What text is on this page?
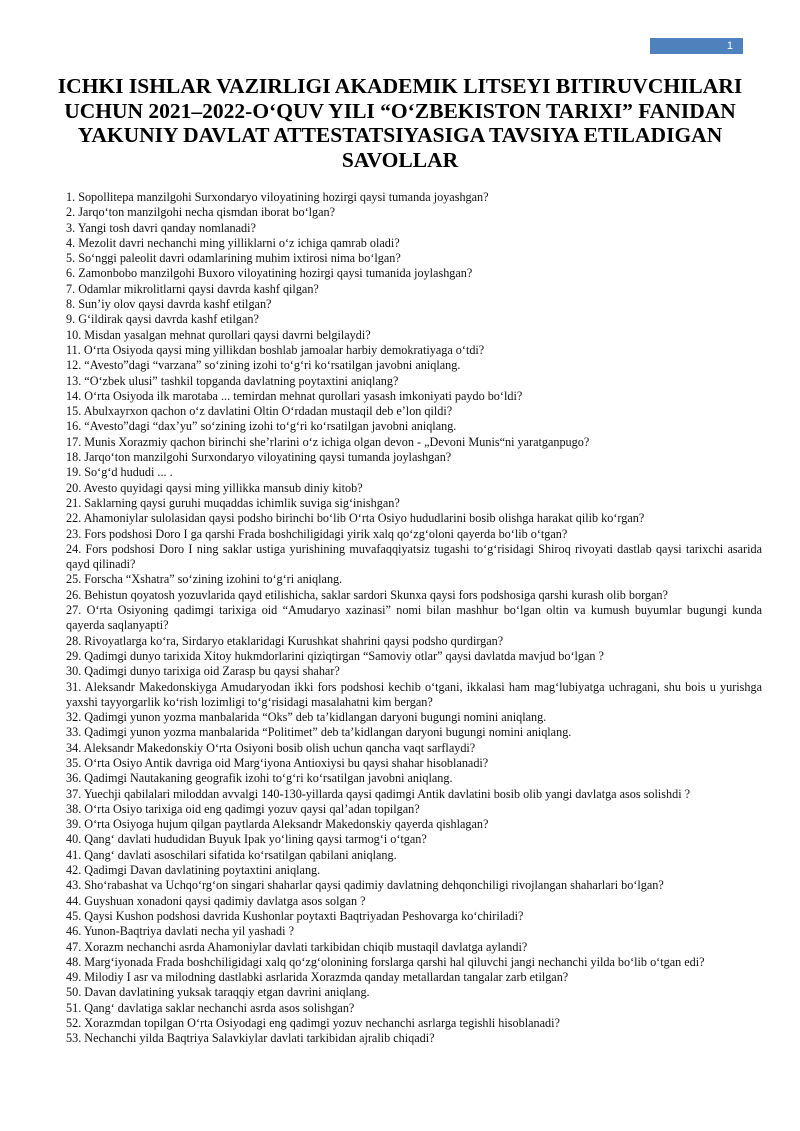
1
ICHKI ISHLAR VAZIRLIGI AKADEMIK LITSEYI BITIRUVCHILARI UCHUN 2021–2022-O‘QUV YILI “O‘ZBEKISTON TARIXI” FANIDAN YAKUNIY DAVLAT ATTESTATSIYASIGA TAVSIYA ETILADIGAN SAVOLLAR
1. Sopollitepa manzilgohi Surxondaryo viloyatining hozirgi qaysi tumanda joyashgan?
2. Jarqo‘ton manzilgohi necha qismdan iborat bo‘lgan?
3. Yangi tosh davri qanday nomlanadi?
4. Mezolit davri nechanchi ming yilliklarni o‘z ichiga qamrab oladi?
5. So‘nggi paleolit davri odamlarining muhim ixtirosi nima bo‘lgan?
6. Zamonbobo manzilgohi Buxoro viloyatining hozirgi qaysi tumanida joylashgan?
7. Odamlar mikrolitlarni qaysi davrda kashf qilgan?
8. Sun’iy olov qaysi davrda kashf etilgan?
9. G‘ildirak qaysi davrda kashf etilgan?
10. Misdan yasalgan mehnat qurollari qaysi davrni belgilaydi?
11. O‘rta Osiyoda qaysi ming yillikdan boshlab jamoalar harbiy demokratiyaga o‘tdi?
12. “Avesto”dagi “varzana” so‘zining izohi to‘g‘ri ko‘rsatilgan javobni aniqlang.
13. “O‘zbek ulusi” tashkil topganda davlatning poytaxtini aniqlang?
14. O‘rta Osiyoda ilk marotaba ... temirdan mehnat qurollari yasash imkoniyati paydo bo‘ldi?
15. Abulxayrxon qachon o‘z davlatini Oltin O‘rdadan mustaqil deb e’lon qildi?
16. “Avesto”dagi “dax’yu” so‘zining izohi to‘g‘ri ko‘rsatilgan javobni aniqlang.
17. Munis Xorazmiy qachon birinchi she’rlarini o‘z ichiga olgan devon - „Devoni Munis“ni yaratganpugo?
18. Jarqo‘ton manzilgohi Surxondaryo viloyatining qaysi tumanda joylashgan?
19. So‘g‘d hududi ... .
20. Avesto quyidagi qaysi ming yillikka mansub diniy kitob?
21. Saklarning qaysi guruhi muqaddas ichimlik suviga sig‘inishgan?
22. Ahamoniylar sulolasidan qaysi podsho birinchi bo‘lib O‘rta Osiyo hududlarini bosib olishga harakat qilib ko‘rgan?
23. Fors podshosi Doro I ga qarshi Frada boshchiligidagi yirik xalq qo‘zg‘oloni qayerda bo‘lib o‘tgan?
24. Fors podshosi Doro I ning saklar ustiga yurishining muvafaqqiyatsiz tugashi to‘g‘risidagi Shiroq rivoyati dastlab qaysi tarixchi asarida qayd qilinadi?
25. Forscha “Xshatra” so‘zining izohini to‘g‘ri aniqlang.
26. Behistun qoyatosh yozuvlarida qayd etilishicha, saklar sardori Skunxa qaysi fors podshosiga qarshi kurash olib borgan?
27. O‘rta Osiyoning qadimgi tarixiga oid “Amudaryo xazinasi” nomi bilan mashhur bo‘lgan oltin va kumush buyumlar bugungi kunda qayerda saqlanyapti?
28. Rivoyatlarga ko‘ra, Sirdaryo etaklaridagi Kurushkat shahrini qaysi podsho qurdirgan?
29. Qadimgi dunyo tarixida Xitoy hukmdorlarini qiziqtirgan “Samoviy otlar” qaysi davlatda mavjud bo‘lgan ?
30. Qadimgi dunyo tarixiga oid Zarasp bu qaysi shahar?
31. Aleksandr Makedonskiyga Amudaryodan ikki fors podshosi kechib o‘tgani, ikkalasi ham mag‘lubiyatga uchragani, shu bois u yurishga yaxshi tayyorgarlik ko‘rish lozimligi to‘g‘risidagi masalahatni kim bergan?
32. Qadimgi yunon yozma manbalarida “Oks” deb ta’kidlangan daryoni bugungi nomini aniqlang.
33. Qadimgi yunon yozma manbalarida “Politimet” deb ta’kidlangan daryoni bugungi nomini aniqlang.
34. Aleksandr Makedonskiy O‘rta Osiyoni bosib olish uchun qancha vaqt sarflaydi?
35. O‘rta Osiyo Antik davriga oid Marg‘iyona Antioxiysi bu qaysi shahar hisoblanadi?
36. Qadimgi Nautakaning geografik izohi to‘g‘ri ko‘rsatilgan javobni aniqlang.
37. Yuechji qabilalari miloddan avvalgi 140-130-yillarda qaysi qadimgi Antik davlatini bosib olib yangi davlatga asos solishdi ?
38. O‘rta Osiyo tarixiga oid eng qadimgi yozuv qaysi qal’adan topilgan?
39. O‘rta Osiyoga hujum qilgan paytlarda Aleksandr Makedonskiy qayerda qishlagan?
40. Qang‘ davlati hududidan Buyuk Ipak yo‘lining qaysi tarmog‘i o‘tgan?
41. Qang‘ davlati asoschilari sifatida ko‘rsatilgan qabilani aniqlang.
42. Qadimgi Davan davlatining poytaxtini aniqlang.
43. Sho‘rabashat va Uchqo‘rg‘on singari shaharlar qaysi qadimiy davlatning dehqonchiligi rivojlangan shaharlari bo‘lgan?
44. Guyshuan xonadoni qaysi qadimiy davlatga asos solgan ?
45. Qaysi Kushon podshosi davrida Kushonlar poytaxti Baqtriyadan Peshovarga ko‘chiriladi?
46. Yunon-Baqtriya davlati necha yil yashadi ?
47. Xorazm nechanchi asrda Ahamoniylar davlati tarkibidan chiqib mustaqil davlatga aylandi?
48. Marg‘iyonada Frada boshchiligidagi xalq qo‘zg‘olonining forslarga qarshi hal qiluvchi jangi nechanchi yilda bo‘lib o‘tgan edi?
49. Milodiy I asr va milodning dastlabki asrlarida Xorazmda qanday metallardan tangalar zarb etilgan?
50. Davan davlatining yuksak taraqqiy etgan davrini aniqlang.
51. Qang‘ davlatiga saklar nechanchi asrda asos solishgan?
52. Xorazmdan topilgan O‘rta Osiyodagi eng qadimgi yozuv nechanchi asrlarga tegishli hisoblanadi?
53. Nechanchi yilda Baqtriya Salavkiylar davlati tarkibidan ajralib chiqadi?
